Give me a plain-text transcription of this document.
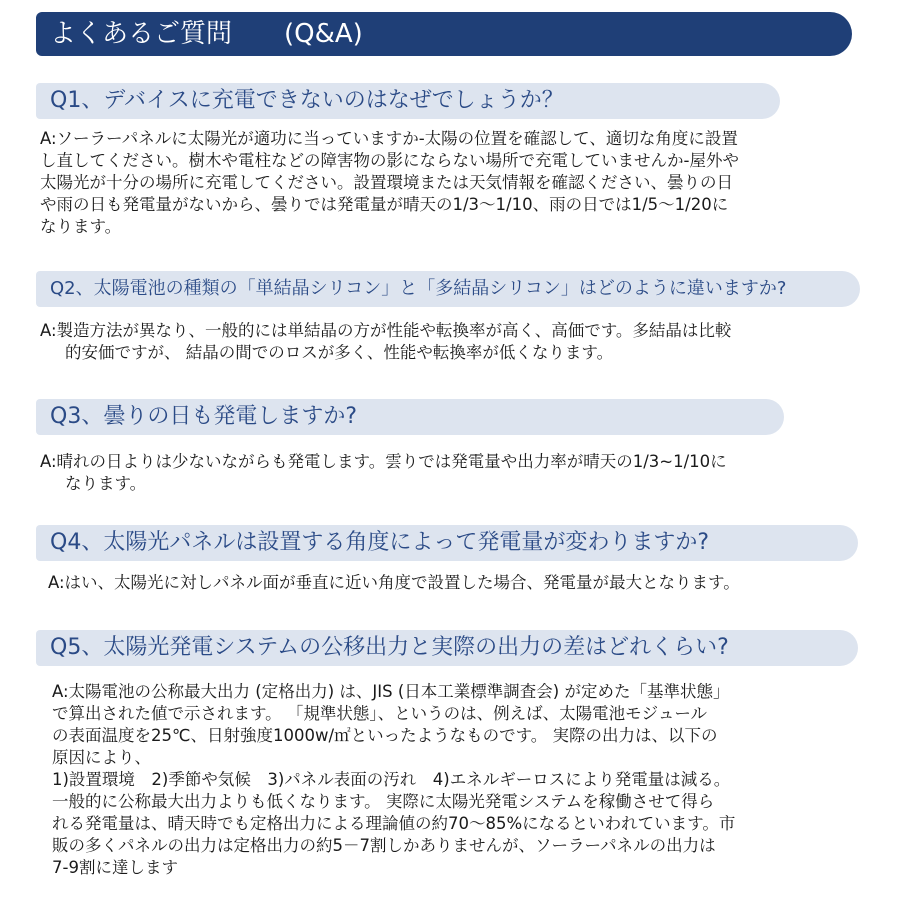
よくあるご質問　　(Q&A)
Q1、デバイスに充電できないのはなぜでしょうか？
A:ソーラーパネルに太陽光が適功に当っていますか-太陽の位置を確認して、適切な角度に設置
し直してください。樹木や電柱などの障害物の影にならない場所で充電していませんか-屋外や
太陽光が十分の場所に充電してください。設置環境または天気情報を確認ください、曇りの日
や雨の日も発電量がないから、曇りでは発電量が晴天の1/3〜1/10、雨の日では1/5〜1/20に
なります。
Q2、太陽電池の種類の「単結晶シリコン」と「多結晶シリコン」はどのように違いますか?
A:製造方法が異なり、一般的には単結晶の方が性能や転換率が高く、高価です。多結晶は比較
的安価ですが、 結晶の間でのロスが多く、性能や転換率が低くなります。
Q3、曇りの日も発電しますか?
A:晴れの日よりは少ないながらも発電します。雲りでは発電量や出力率が晴天の1/3~1/10に
なります。
Q4、太陽光パネルは設置する角度によって発電量が変わりますか?
A:はい、太陽光に対しパネル面が垂直に近い角度で設置した場合、発電量が最大となります。
Q5、太陽光発電システムの公移出力と実際の出力の差はどれくらい?
A:太陽電池の公称最大出力 (定格出力) は、JIS (日本工業標準調査会) が定めた「基準状態」
で算出された値で示されます。 「規準状態」、というのは、例えば、太陽電池モジュール
の表面温度を25℃、日射強度1000w/㎡といったようなものです。 実際の出力は、以下の
原因により、
1)設置環境　2)季節や気候　3)パネル表面の汚れ　4)エネルギーロスにより発電量は減る。
一般的に公称最大出力よりも低くなります。 実際に太陽光発電システムを稼働させて得ら
れる発電量は、晴天時でも定格出力による理論値の約70〜85%になるといわれています。市
販の多くパネルの出力は定格出力の約5－7割しかありませんが、ソーラーパネルの出力は
7-9割に達します
